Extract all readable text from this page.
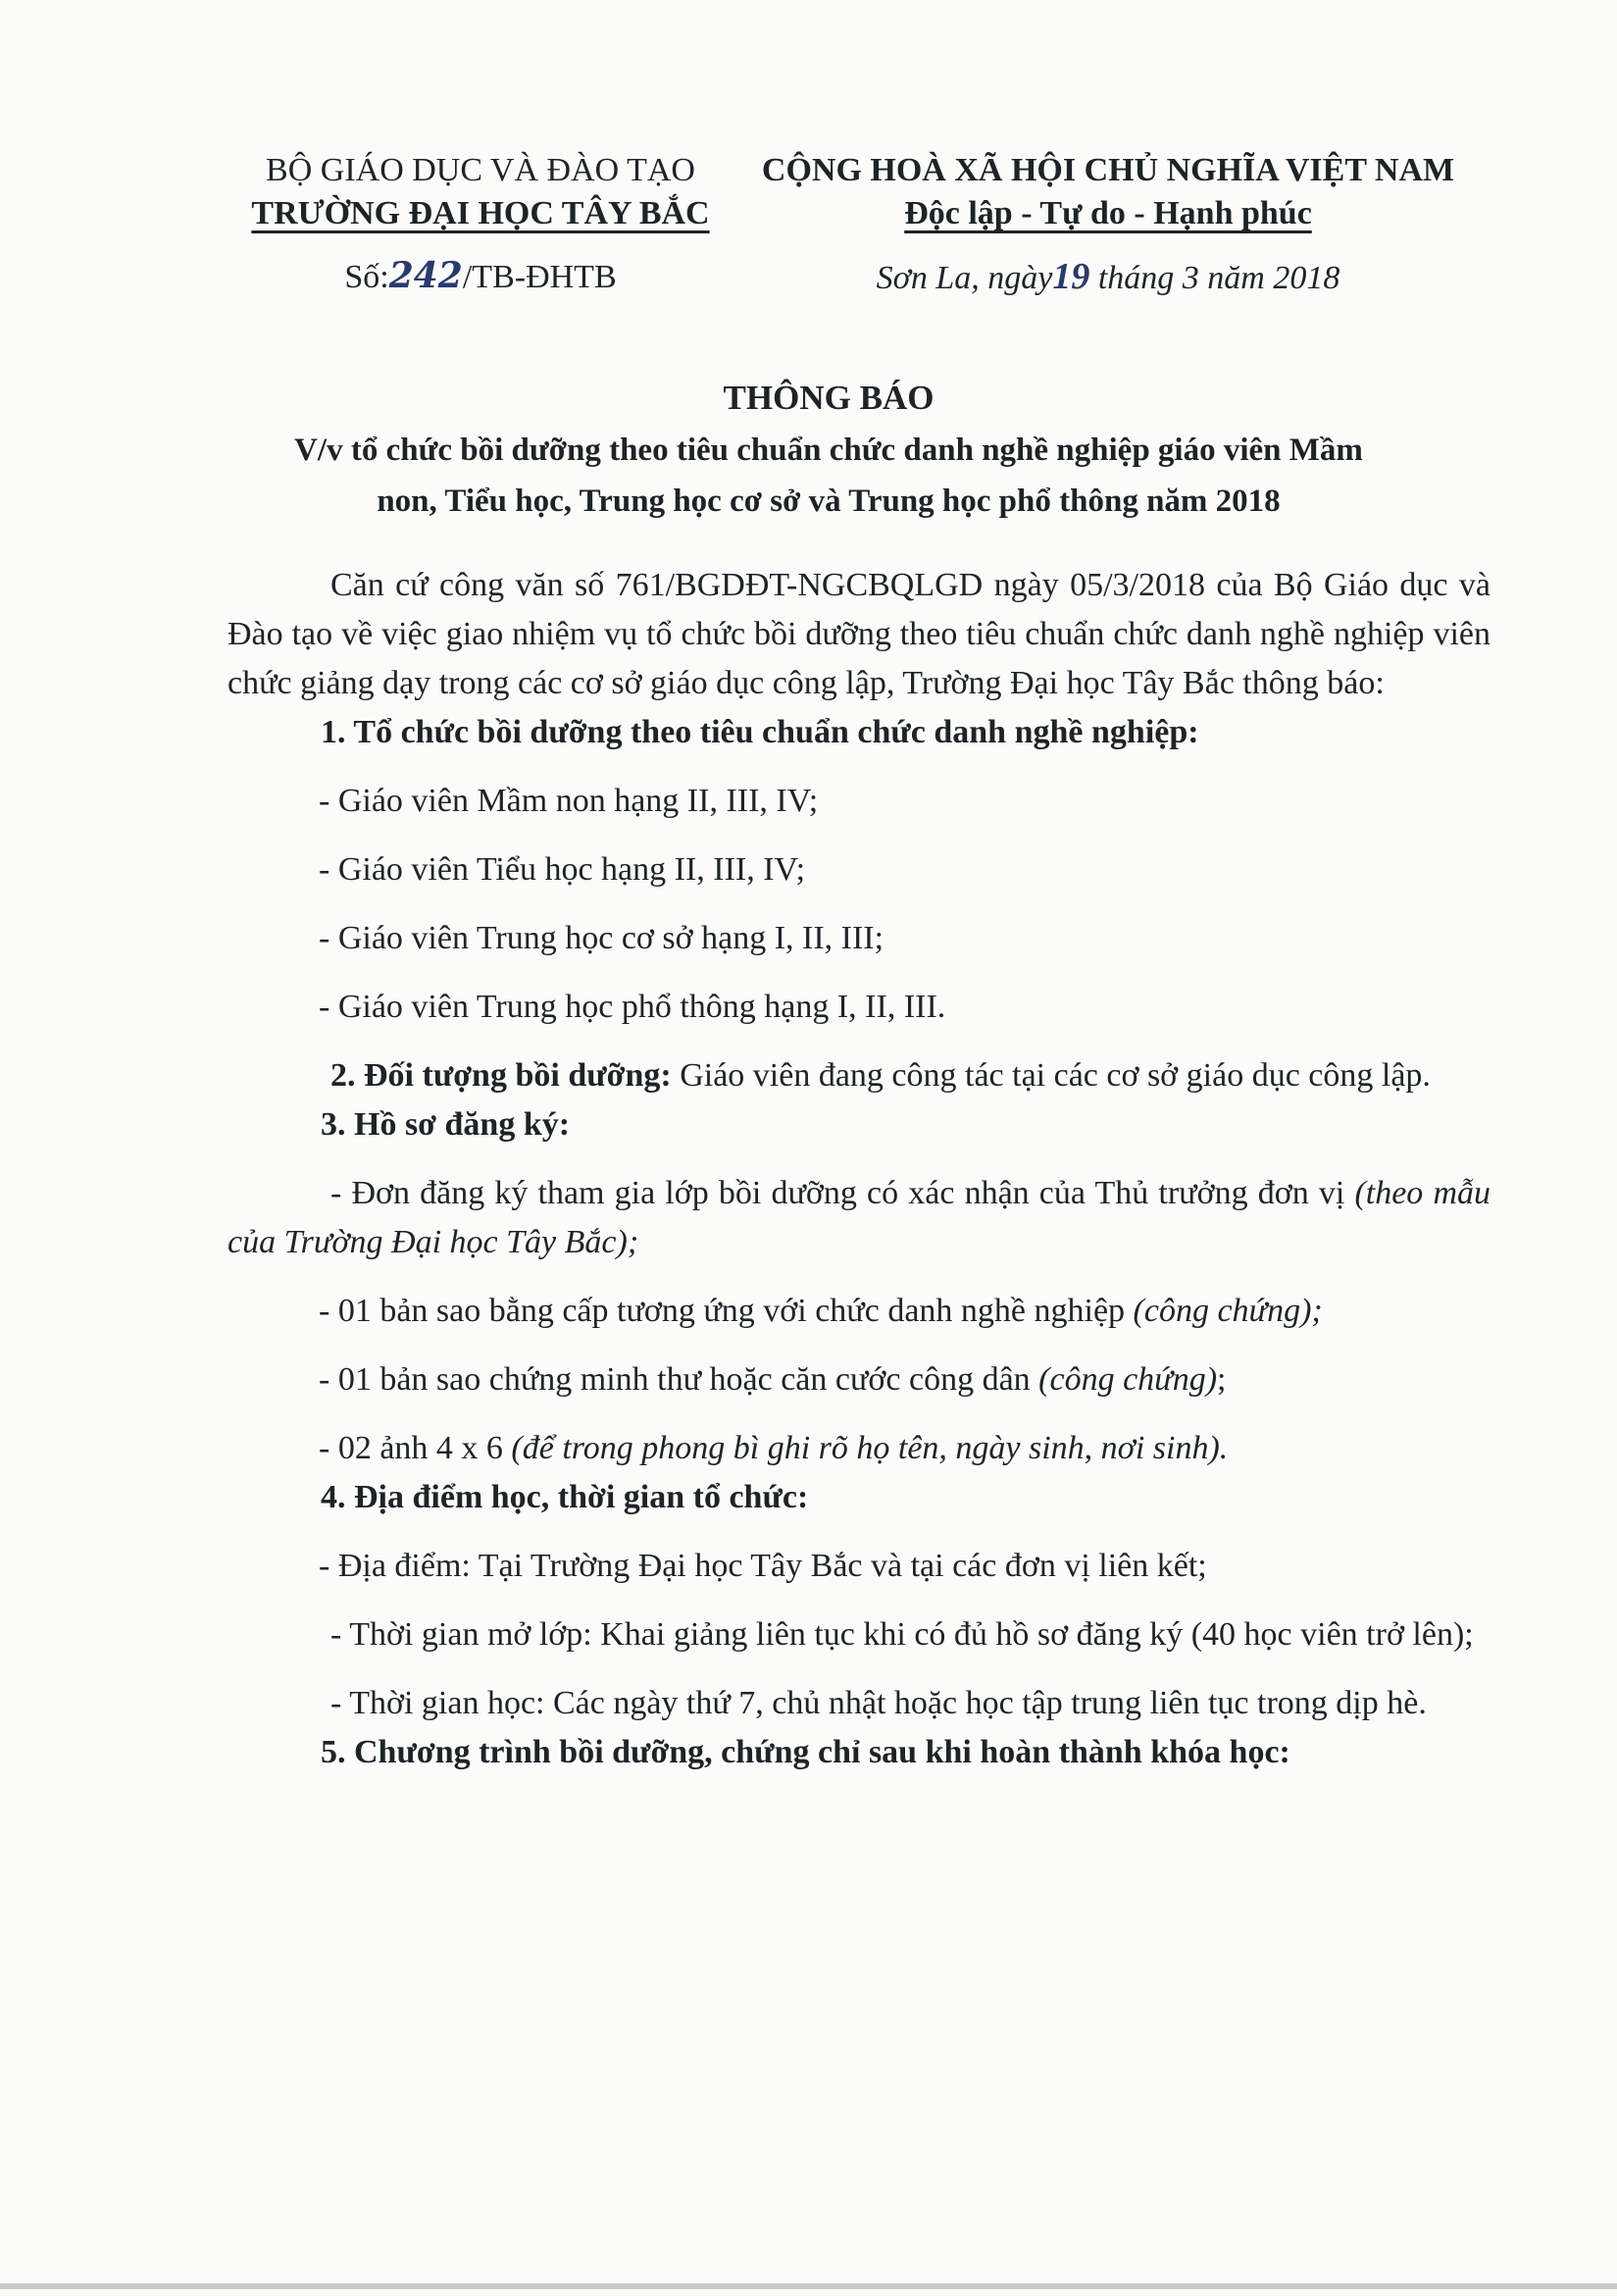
BỘ GIÁO DỤC VÀ ĐÀO TẠO
TRƯỜNG ĐẠI HỌC TÂY BẮC
CỘNG HOÀ XÃ HỘI CHỦ NGHĨA VIỆT NAM
Độc lập - Tự do - Hạnh phúc
Số:242/TB-ĐHTB	Sơn La, ngày19 tháng 3 năm 2018
THÔNG BÁO
V/v tổ chức bồi dưỡng theo tiêu chuẩn chức danh nghề nghiệp giáo viên Mầm
non, Tiểu học, Trung học cơ sở và Trung học phổ thông năm 2018

Căn cứ công văn số 761/BGDĐT-NGCBQLGD ngày 05/3/2018 của Bộ Giáo dục và Đào tạo về việc giao nhiệm vụ tổ chức bồi dưỡng theo tiêu chuẩn chức danh nghề nghiệp viên chức giảng dạy trong các cơ sở giáo dục công lập, Trường Đại học Tây Bắc thông báo:

1. Tổ chức bồi dưỡng theo tiêu chuẩn chức danh nghề nghiệp:

- Giáo viên Mầm non hạng II, III, IV;

- Giáo viên Tiểu học hạng II, III, IV;

- Giáo viên Trung học cơ sở hạng I, II, III;

- Giáo viên Trung học phổ thông hạng I, II, III.

2. Đối tượng bồi dưỡng: Giáo viên đang công tác tại các cơ sở giáo dục công lập.

3. Hồ sơ đăng ký:

- Đơn đăng ký tham gia lớp bồi dưỡng có xác nhận của Thủ trưởng đơn vị (theo mẫu của Trường Đại học Tây Bắc);

- 01 bản sao bằng cấp tương ứng với chức danh nghề nghiệp (công chứng);

- 01 bản sao chứng minh thư hoặc căn cước công dân (công chứng);

- 02 ảnh 4 x 6 (để trong phong bì ghi rõ họ tên, ngày sinh, nơi sinh).

4. Địa điểm học, thời gian tổ chức:

- Địa điểm: Tại Trường Đại học Tây Bắc và tại các đơn vị liên kết;

- Thời gian mở lớp: Khai giảng liên tục khi có đủ hồ sơ đăng ký (40 học viên trở lên);

- Thời gian học: Các ngày thứ 7, chủ nhật hoặc học tập trung liên tục trong dịp hè.

5. Chương trình bồi dưỡng, chứng chỉ sau khi hoàn thành khóa học:
